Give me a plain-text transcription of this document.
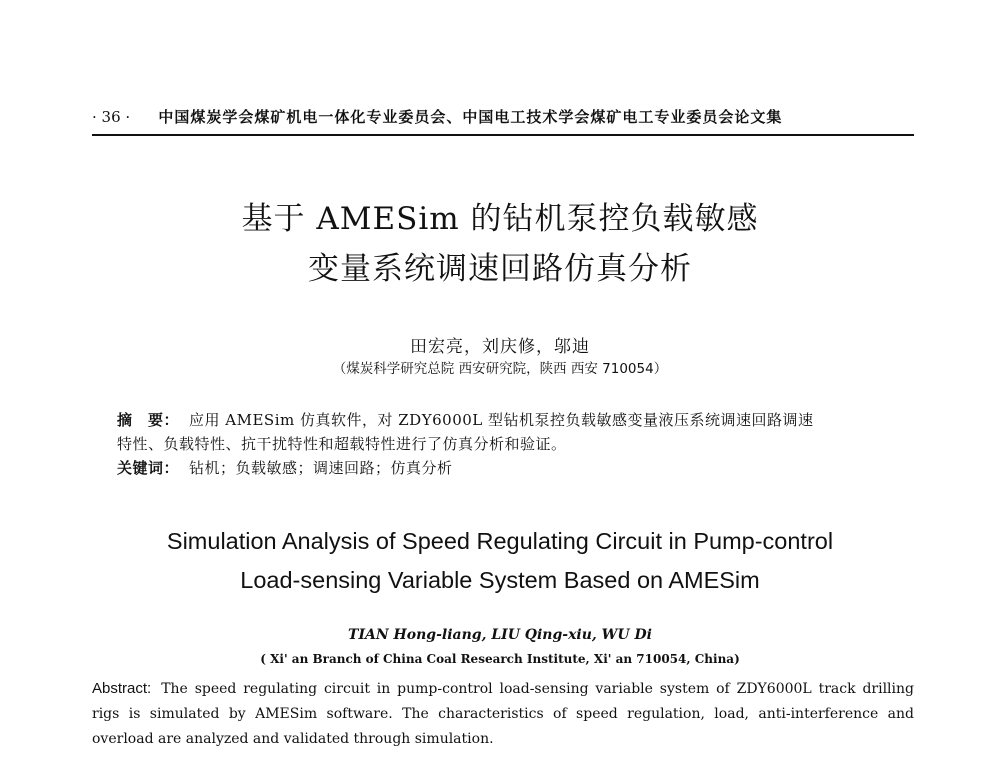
· 36 · 中国煤炭学会煤矿机电一体化专业委员会、中国电工技术学会煤矿电工专业委员会论文集
基于 AMESim 的钻机泵控负载敏感
变量系统调速回路仿真分析
田宏亮，刘庆修，邬迪
（煤炭科学研究总院 西安研究院，陕西 西安 710054）
摘　要： 应用 AMESim 仿真软件，对 ZDY6000L 型钻机泵控负载敏感变量液压系统调速回路调速
特性、负载特性、抗干扰特性和超载特性进行了仿真分析和验证。
关键词： 钻机；负载敏感；调速回路；仿真分析
Simulation Analysis of Speed Regulating Circuit in Pump-control
Load-sensing Variable System Based on AMESim
TIAN Hong-liang, LIU Qing-xiu, WU Di
( Xi' an Branch of China Coal Research Institute, Xi' an 710054, China)
Abstract: The speed regulating circuit in pump-control load-sensing variable system of ZDY6000L track drilling rigs is simulated by AMESim software. The characteristics of speed regulation, load, anti-interference and overload are analyzed and validated through simulation.
